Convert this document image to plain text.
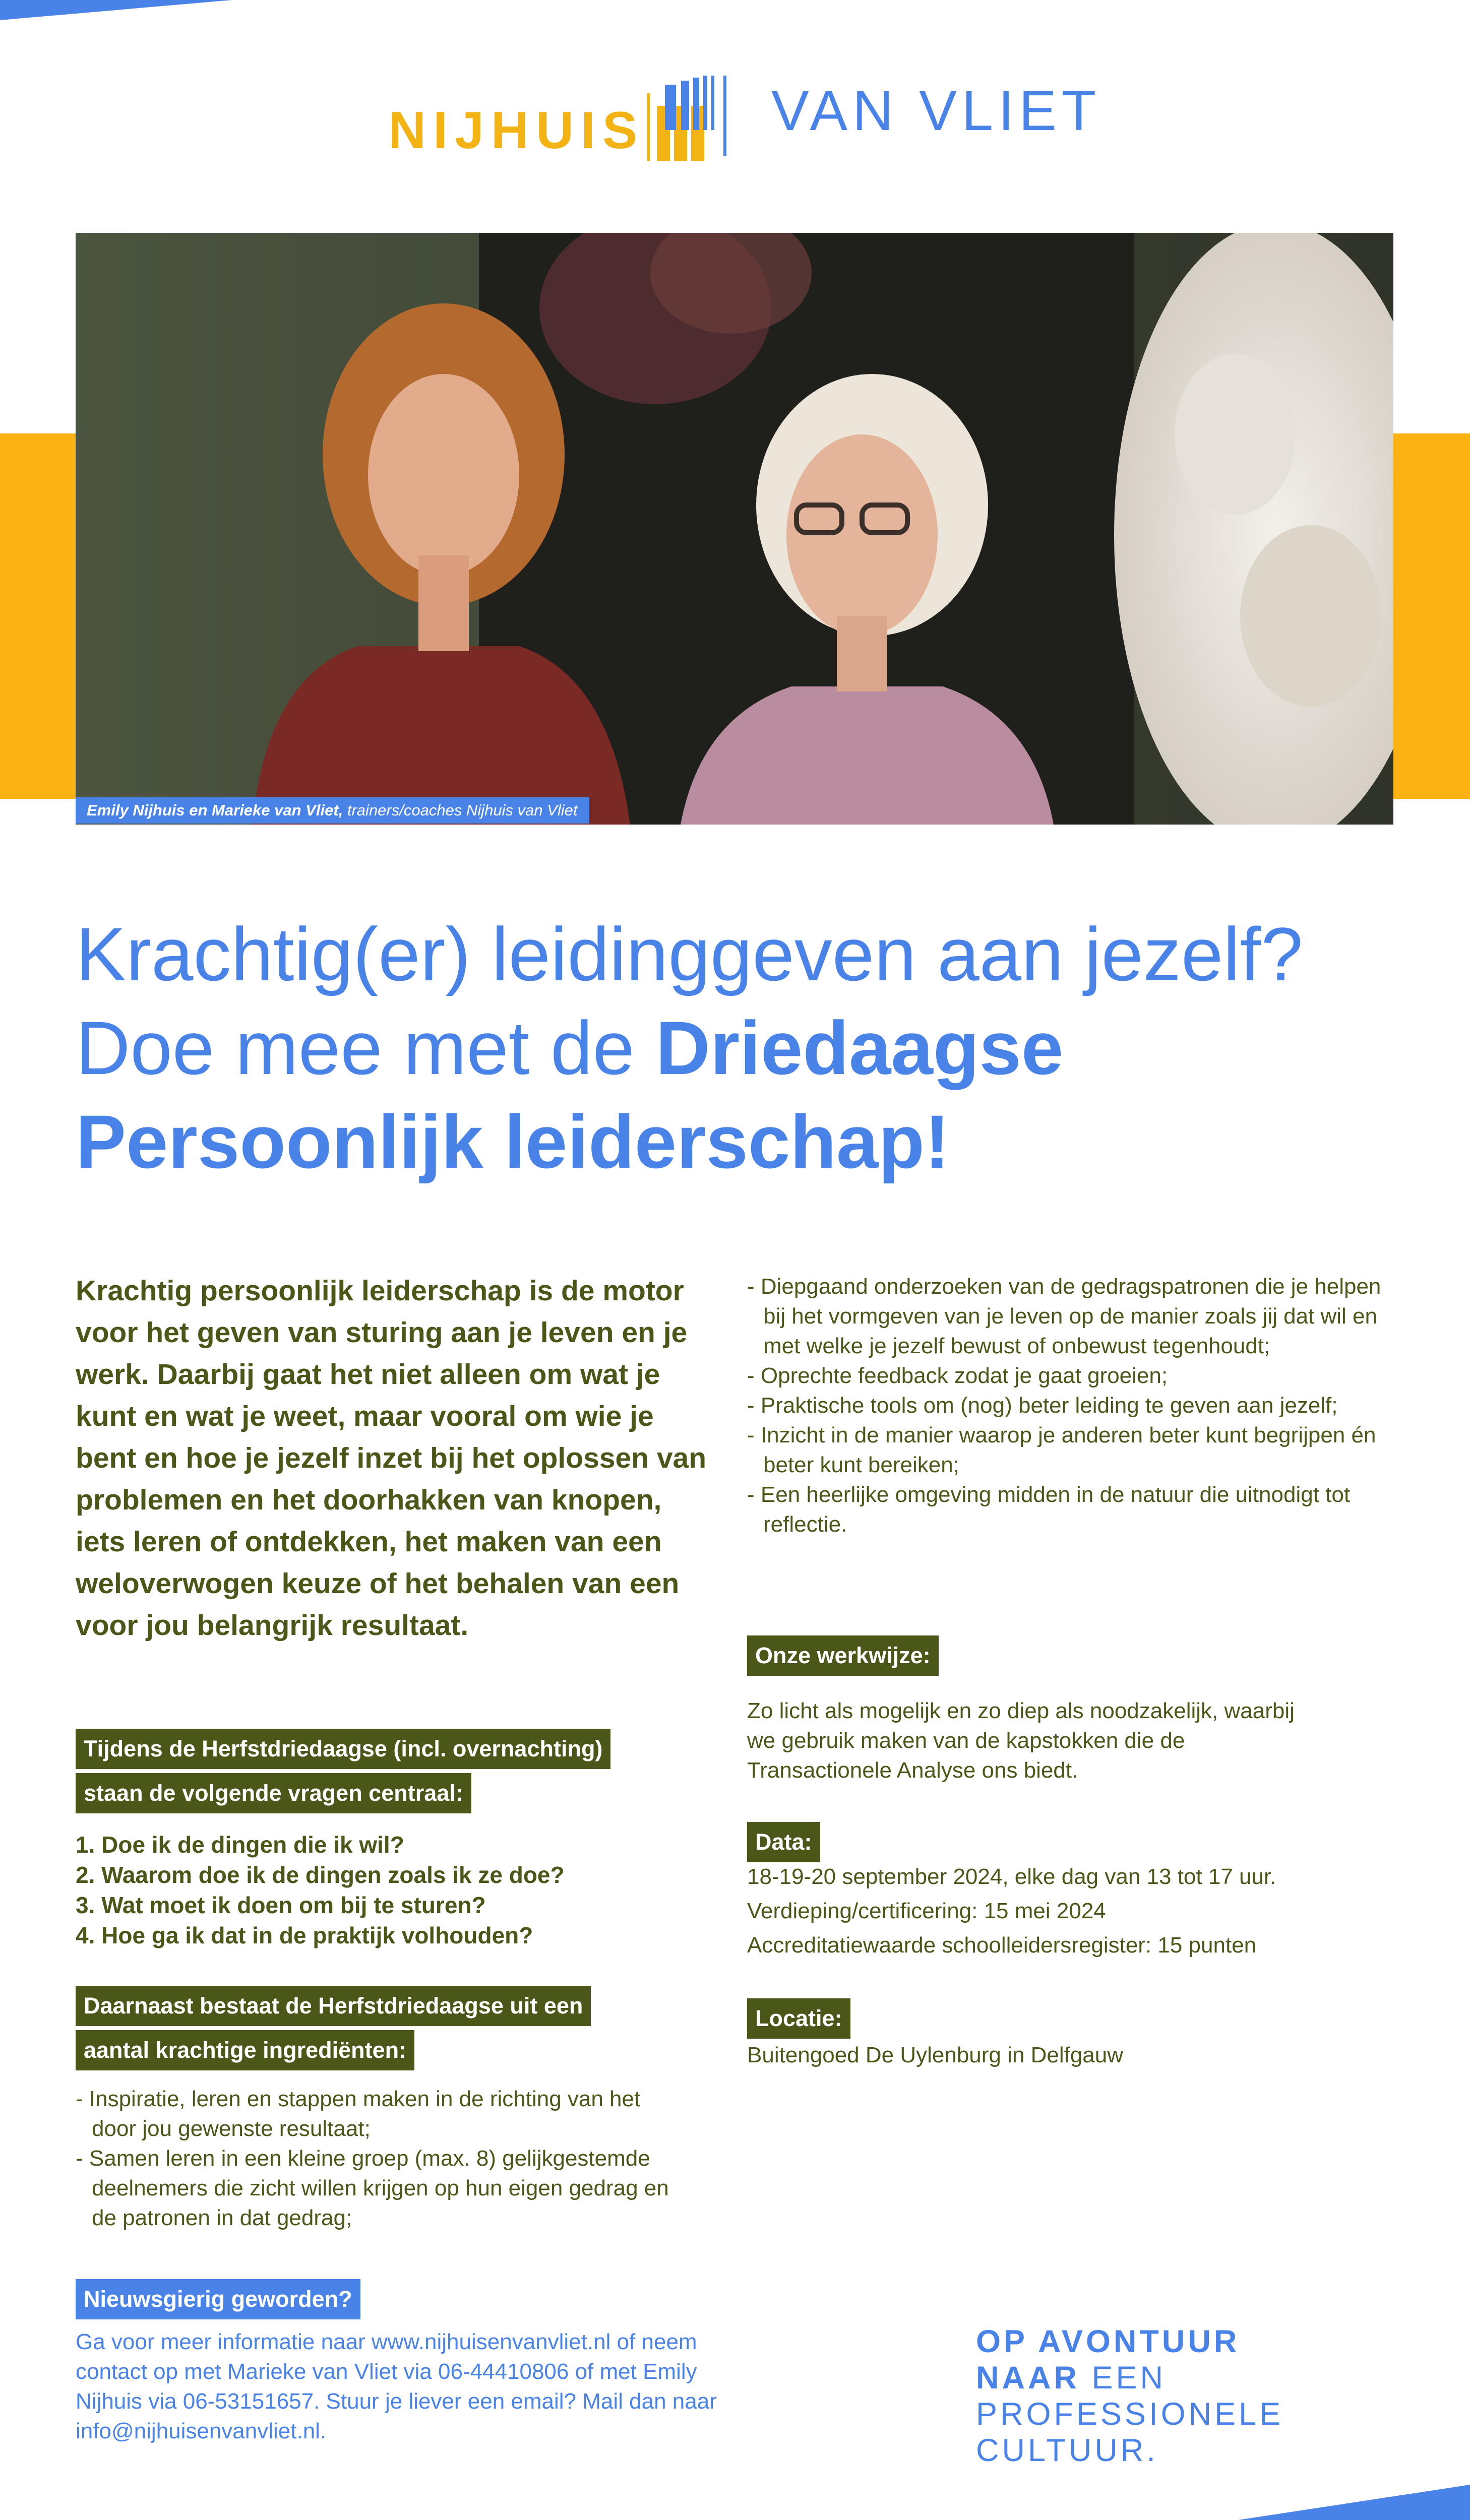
NIJHUIS VAN VLIET
Emily Nijhuis en Marieke van Vliet, trainers/coaches Nijhuis van Vliet
Krachtig(er) leidinggeven aan jezelf?
Doe mee met de Driedaagse
Persoonlijk leiderschap!
Krachtig persoonlijk leiderschap is de motor voor het geven van sturing aan je leven en je werk. Daarbij gaat het niet alleen om wat je kunt en wat je weet, maar vooral om wie je bent en hoe je jezelf inzet bij het oplossen van problemen en het doorhakken van knopen, iets leren of ontdekken, het maken van een weloverwogen keuze of het behalen van een voor jou belangrijk resultaat.
Tijdens de Herfstdriedaagse (incl. overnachting)
staan de volgende vragen centraal:
1. Doe ik de dingen die ik wil?
2. Waarom doe ik de dingen zoals ik ze doe?
3. Wat moet ik doen om bij te sturen?
4. Hoe ga ik dat in de praktijk volhouden?
Daarnaast bestaat de Herfstdriedaagse uit een
aantal krachtige ingrediënten:
- Inspiratie, leren en stappen maken in de richting van het door jou gewenste resultaat;
- Samen leren in een kleine groep (max. 8) gelijkgestemde deelnemers die zicht willen krijgen op hun eigen gedrag en de patronen in dat gedrag;
- Diepgaand onderzoeken van de gedragspatronen die je helpen bij het vormgeven van je leven op de manier zoals jij dat wil en met welke je jezelf bewust of onbewust tegenhoudt;
- Oprechte feedback zodat je gaat groeien;
- Praktische tools om (nog) beter leiding te geven aan jezelf;
- Inzicht in de manier waarop je anderen beter kunt begrijpen én beter kunt bereiken;
- Een heerlijke omgeving midden in de natuur die uitnodigt tot reflectie.
Onze werkwijze:
Zo licht als mogelijk en zo diep als noodzakelijk, waarbij we gebruik maken van de kapstokken die de Transactionele Analyse ons biedt.
Data:
18-19-20 september 2024, elke dag van 13 tot 17 uur.
Verdieping/certificering: 15 mei 2024
Accreditatiewaarde schoolleidersregister: 15 punten
Locatie:
Buitengoed De Uylenburg in Delfgauw
Nieuwsgierig geworden?
Ga voor meer informatie naar www.nijhuisenvanvliet.nl of neem contact op met Marieke van Vliet via 06-44410806 of met Emily Nijhuis via 06-53151657. Stuur je liever een email? Mail dan naar info@nijhuisenvanvliet.nl.
OP AVONTUUR
NAAR EEN
PROFESSIONELE
CULTUUR.
